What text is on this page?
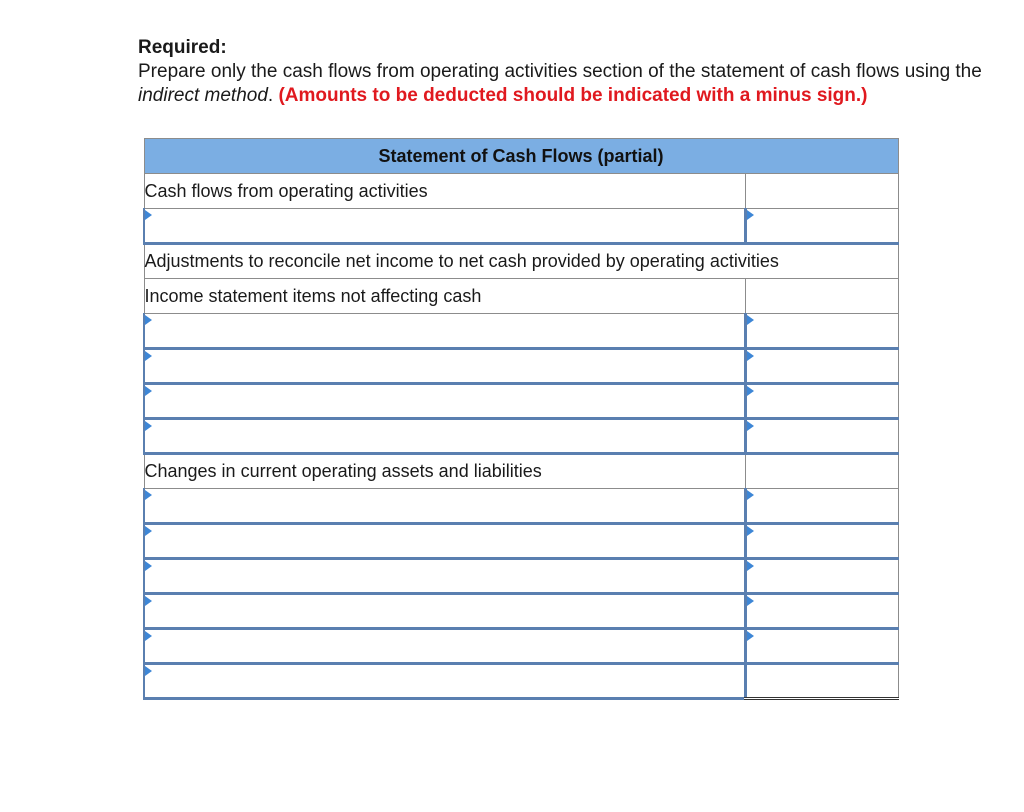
Required:
Prepare only the cash flows from operating activities section of the statement of cash flows using the
indirect method. (Amounts to be deducted should be indicated with a minus sign.)
Statement of Cash Flows (partial)	
Cash flows from operating activities	

Adjustments to reconcile net income to net cash provided by operating activities	
Income statement items not affecting cash	

Changes in current operating assets and liabilities	
